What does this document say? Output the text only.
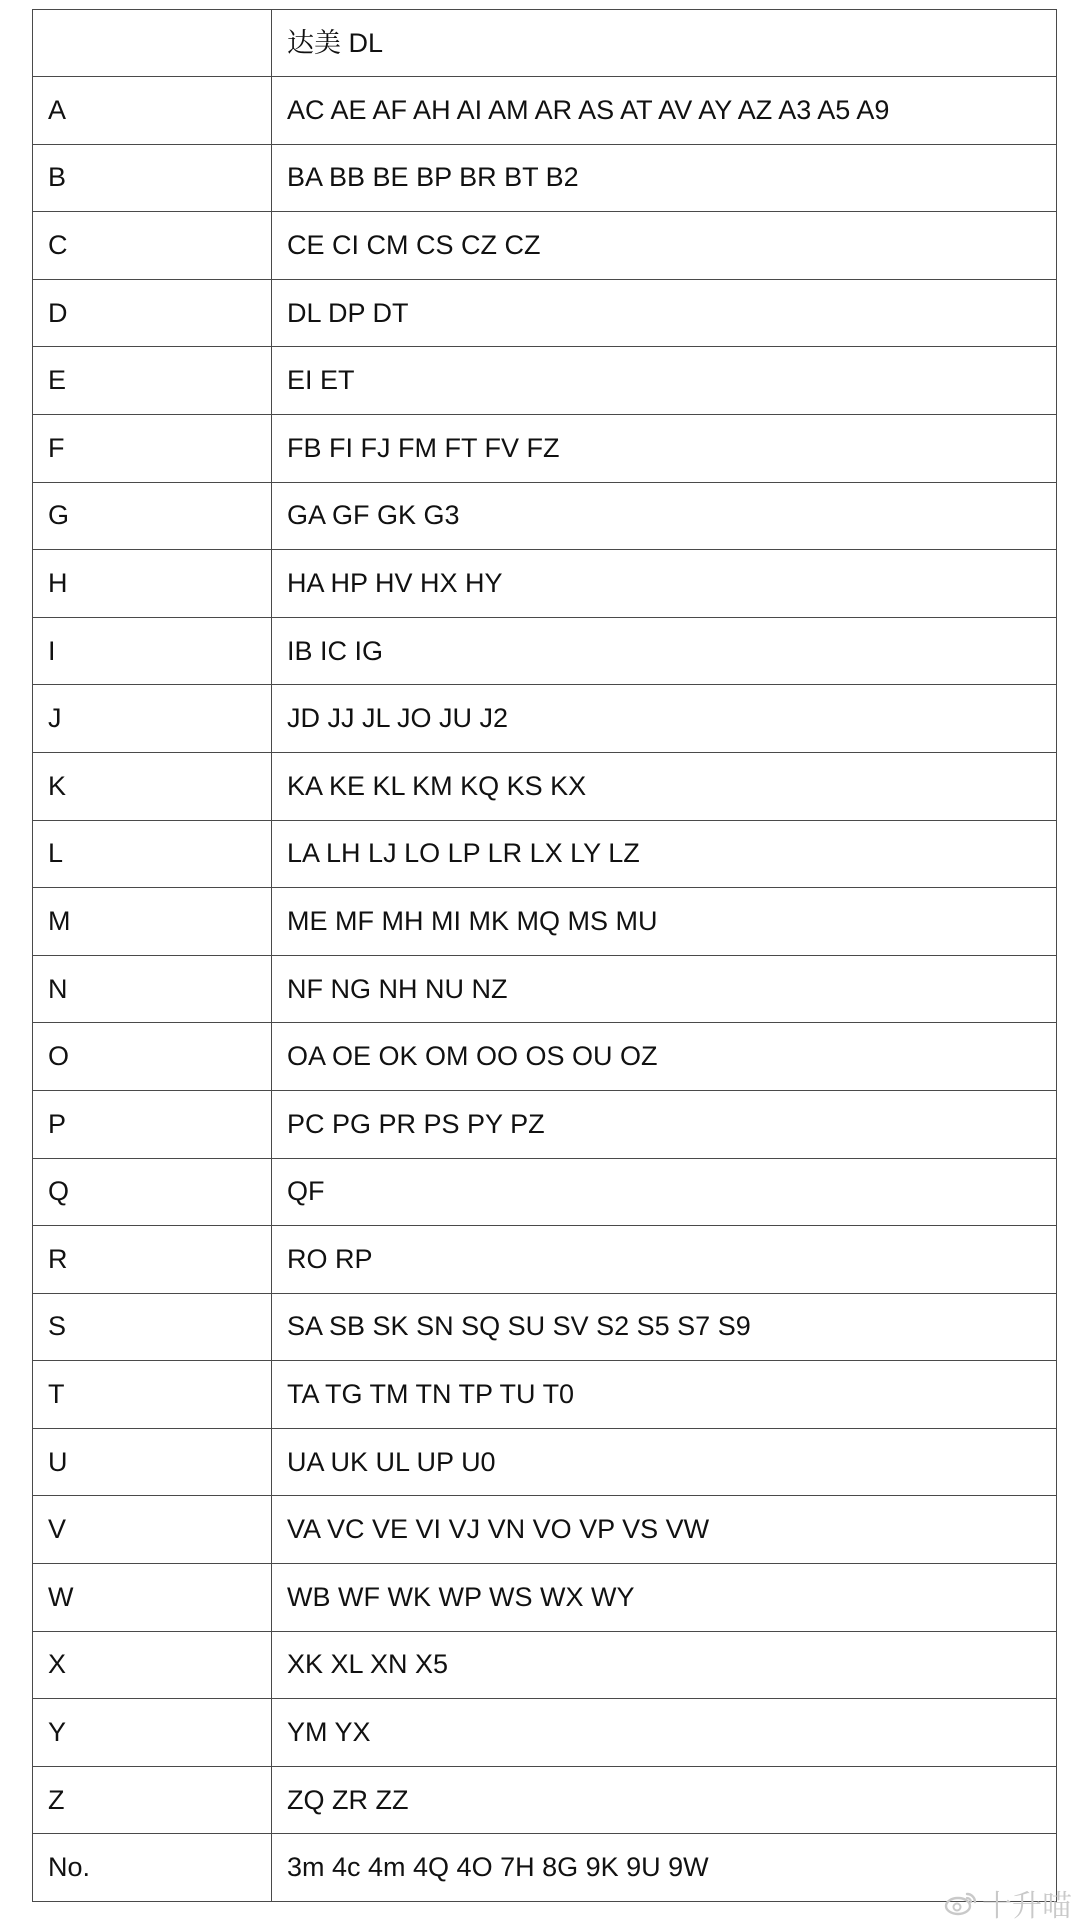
	达美 DL
A	AC AE AF AH AI AM AR AS AT AV AY AZ A3 A5 A9
B	BA BB BE BP BR BT B2
C	CE CI CM CS CZ CZ
D	DL DP DT
E	EI ET
F	FB FI FJ FM FT FV FZ
G	GA GF GK G3
H	HA HP HV HX HY
I	IB IC IG
J	JD JJ JL JO JU J2
K	KA KE KL KM KQ KS KX
L	LA LH LJ LO LP LR LX LY LZ
M	ME MF MH MI MK MQ MS MU
N	NF NG NH NU NZ
O	OA OE OK OM OO OS OU OZ
P	PC PG PR PS PY PZ
Q	QF
R	RO RP
S	SA SB SK SN SQ SU SV S2 S5 S7 S9
T	TA TG TM TN TP TU T0
U	UA UK UL UP U0
V	VA VC VE VI VJ VN VO VP VS VW
W	WB WF WK WP WS WX WY
X	XK XL XN X5
Y	YM YX
Z	ZQ ZR ZZ
No.	3m 4c 4m 4Q 4O 7H 8G 9K 9U 9W
十升喵
